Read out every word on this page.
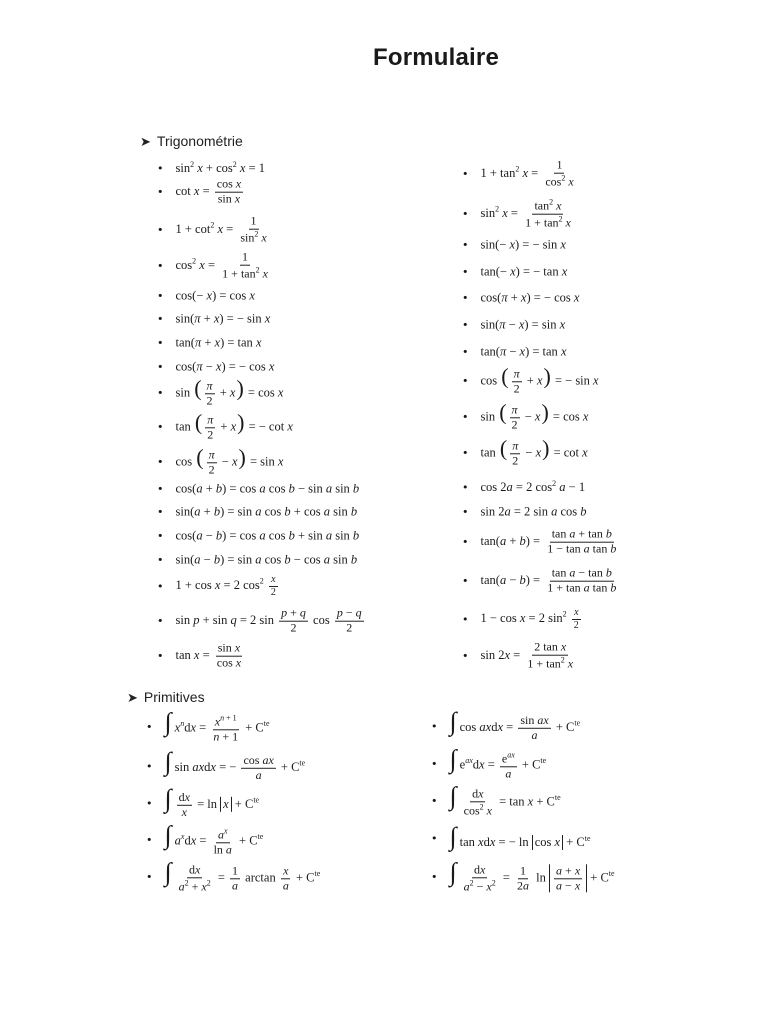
Formulaire
➤ Trigonométrie
• $\sin^2 x + \cos^2 x = 1$
• $\cot x = \frac{\text{cos x}}{\text{sin x}}$
• $1 + \cot^2 x = \frac{1}{\sin^2 x}$
• $\cos^2 x = \frac{1}{1 + \tan^2 x}$
• cos(− x) = cos x
• sin(π + x) = − sin x
• tan(π + x) = tan x
• cos(π − x) = − cos x
• sin ( $\frac{\pi}{2} + x) = \cos x$
• tan ( $\frac{\pi}{2} + x$) = − cot x
• cos ( $\frac{\pi}{2} - x) = \sin x$
• cos(a + b) = cos a cos b − sin a sin b
• sin(a + b) = sin a cos b + cos a sin b
• cos(a − b) = cos a cos b + sin a sin b
• sin(a − b) = sin a cos b − cos a sin b
• 1 + cos x = 2 $\cos^2 \frac{x}{2}$
• sin p + sin q = 2 $\sin \frac{p + q}{2}$ $\cos \frac{p - q}{2}$
• $\tan x = \frac{\text{sin x}}{\text{cos x}}$
• $1 + \tan^2 x = \frac{1}{\cos^2 x}$
• $\sin^2 x = \frac{\tan^2 x}{1 + \tan^2 x}$
• sin(− x) = − sin x
• tan(− x) = − tan x
• cos(π + x) = − cos x
• sin(π − x) = sin x
• tan(π − x) = tan x
• cos ( $\frac{\pi}{2} + x$) = − sin x
• sin ( $\frac{\pi}{2} - x) = \cos x$
• tan ( $\frac{\pi}{2} - x) = \cot x$
• cos 2a = 2 $\cos^2 a - 1$
• sin 2a = 2 sin a cos b
• $\tan(a + b) = \frac{\text{tan a + tan b}}{\text{1 − tan a tan b}}$
• $\tan(a - b) = \frac{\text{tan a − tan b}}{\text{1 + tan a tan b}}$
• 1 − cos x = 2 $\sin^2 \frac{x}{2}$
• $\sin 2x = \frac{\text{2 tan x}}{1 + \tan^2 x}$
➤ Primitives
• ∫ $x^ndx = \frac{x^{n + 1}}{n + 1} + C^{te}$
• ∫ sin axdx = − $\frac{\text{cos ax}}{a} + C^{te}$
• ∫ $\frac{dx}{x} = \ln x + C^{te}$
• ∫ $a^xdx = \frac{a^x}{\text{ln a}} + C^{te}$
• ∫ $\frac{dx}{a^2 + x^2} = \frac{1}{a}$ $\arctan \frac{x}{a} + C^{te}$
• ∫ cos axdx = $\frac{\text{sin ax}}{a} + C^{te}$
• ∫ $e^{ax}dx = \frac{e^{ax}}{a} + C^{te}$
• ∫ $\frac{dx}{\cos^2 x} = \tan x + C^{te}$
• ∫ tan xdx = − $\ln \cos x + C^{te}$
• ∫ $\frac{dx}{a^2 - x^2} = \frac{1}{2a}$ $\ln \frac{a + x}{a - x} + C^{te}$
